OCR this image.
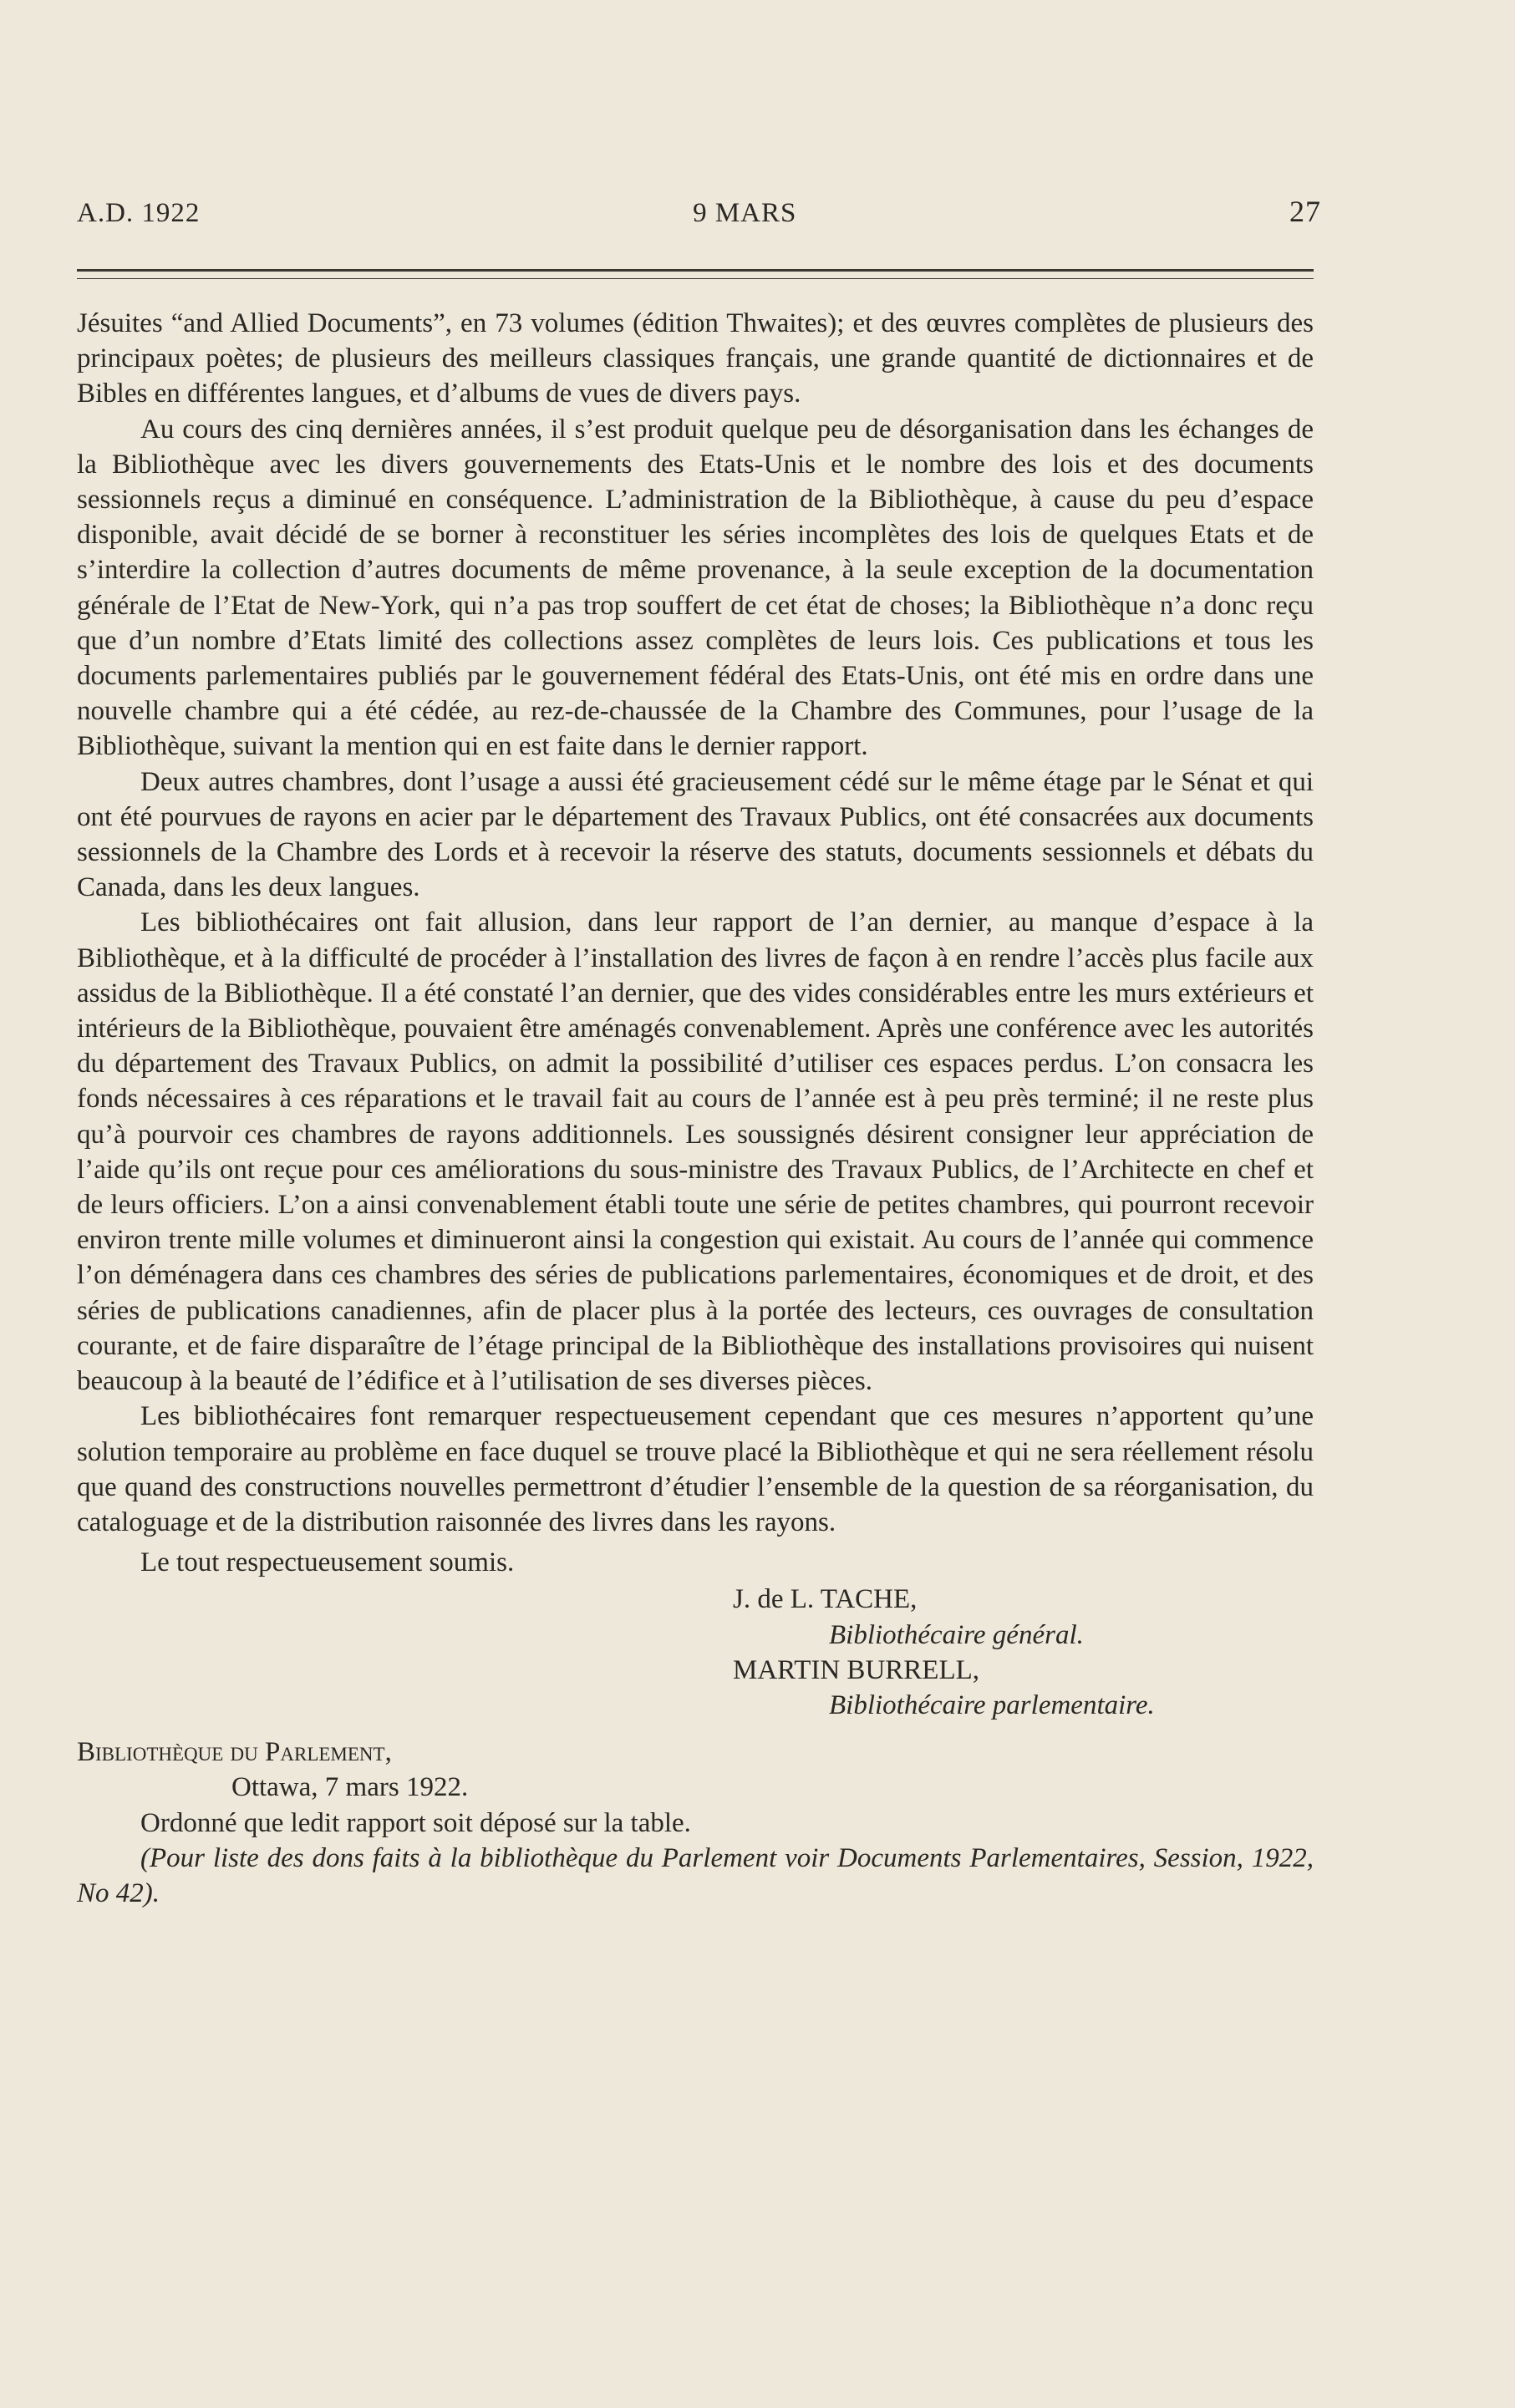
A.D. 1922	9 MARS	27

Jésuites “and Allied Documents”, en 73 volumes (édition Thwaites); et des œuvres complètes de plusieurs des principaux poètes; de plusieurs des meilleurs classiques français, une grande quantité de dictionnaires et de Bibles en différentes langues, et d’albums de vues de divers pays.

Au cours des cinq dernières années, il s’est produit quelque peu de désorganisation dans les échanges de la Bibliothèque avec les divers gouvernements des Etats-Unis et le nombre des lois et des documents sessionnels reçus a diminué en conséquence. L’administration de la Bibliothèque, à cause du peu d’espace disponible, avait décidé de se borner à reconstituer les séries incomplètes des lois de quelques Etats et de s’interdire la collection d’autres documents de même provenance, à la seule exception de la documentation générale de l’Etat de New-York, qui n’a pas trop souffert de cet état de choses; la Bibliothèque n’a donc reçu que d’un nombre d’Etats limité des collections assez complètes de leurs lois. Ces publications et tous les documents parlementaires publiés par le gouvernement fédéral des Etats-Unis, ont été mis en ordre dans une nouvelle chambre qui a été cédée, au rez-de-chaussée de la Chambre des Communes, pour l’usage de la Bibliothèque, suivant la mention qui en est faite dans le dernier rapport.

Deux autres chambres, dont l’usage a aussi été gracieusement cédé sur le même étage par le Sénat et qui ont été pourvues de rayons en acier par le département des Travaux Publics, ont été consacrées aux documents sessionnels de la Chambre des Lords et à recevoir la réserve des statuts, documents sessionnels et débats du Canada, dans les deux langues.

Les bibliothécaires ont fait allusion, dans leur rapport de l’an dernier, au manque d’espace à la Bibliothèque, et à la difficulté de procéder à l’installation des livres de façon à en rendre l’accès plus facile aux assidus de la Bibliothèque. Il a été constaté l’an dernier, que des vides considérables entre les murs extérieurs et intérieurs de la Bibliothèque, pouvaient être aménagés convenablement. Après une conférence avec les autorités du département des Travaux Publics, on admit la possibilité d’utiliser ces espaces perdus. L’on consacra les fonds nécessaires à ces réparations et le travail fait au cours de l’année est à peu près terminé; il ne reste plus qu’à pourvoir ces chambres de rayons additionnels. Les soussignés désirent consigner leur appréciation de l’aide qu’ils ont reçue pour ces améliorations du sous-ministre des Travaux Publics, de l’Architecte en chef et de leurs officiers. L’on a ainsi convenablement établi toute une série de petites chambres, qui pourront recevoir environ trente mille volumes et diminueront ainsi la congestion qui existait. Au cours de l’année qui commence l’on déménagera dans ces chambres des séries de publications parlementaires, économiques et de droit, et des séries de publications canadiennes, afin de placer plus à la portée des lecteurs, ces ouvrages de consultation courante, et de faire disparaître de l’étage principal de la Bibliothèque des installations provisoires qui nuisent beaucoup à la beauté de l’édifice et à l’utilisation de ses diverses pièces.

Les bibliothécaires font remarquer respectueusement cependant que ces mesures n’apportent qu’une solution temporaire au problème en face duquel se trouve placé la Bibliothèque et qui ne sera réellement résolu que quand des constructions nouvelles permettront d’étudier l’ensemble de la question de sa réorganisation, du cataloguage et de la distribution raisonnée des livres dans les rayons.

Le tout respectueusement soumis.

J. de L. TACHE,

Bibliothécaire général.

MARTIN BURRELL,

Bibliothécaire parlementaire.

Bibliothèque du Parlement,

Ottawa, 7 mars 1922.

Ordonné que ledit rapport soit déposé sur la table.

(Pour liste des dons faits à la bibliothèque du Parlement voir Documents Parlementaires, Session, 1922, No 42).
